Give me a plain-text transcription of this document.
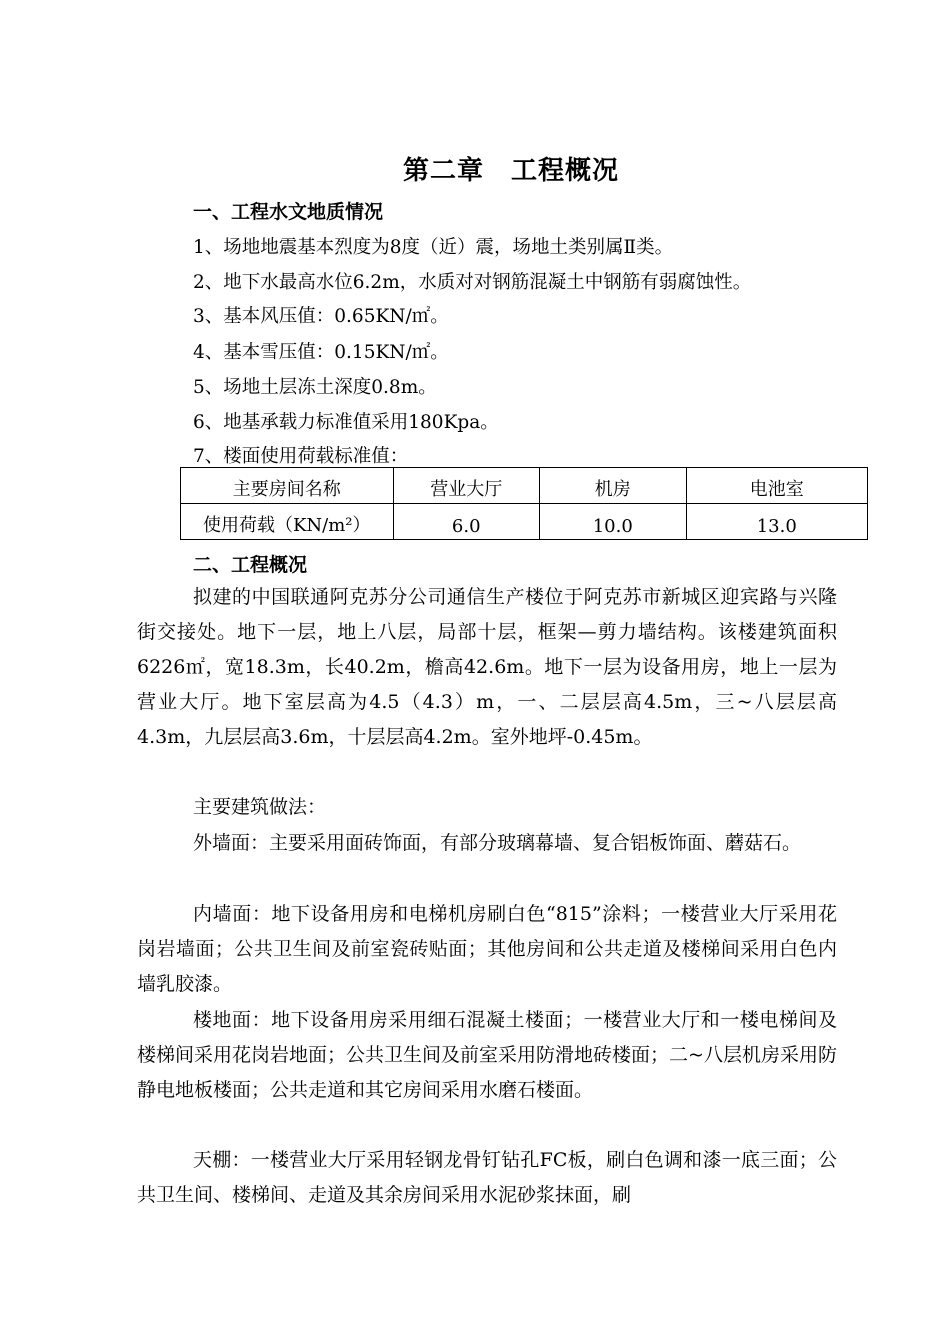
第二章　工程概况
一、工程水文地质情况
1、场地地震基本烈度为8度（近）震，场地土类别属Ⅱ类。
2、地下水最高水位6.2m，水质对对钢筋混凝土中钢筋有弱腐蚀性。
3、基本风压值：0.65KN/㎡。
4、基本雪压值：0.15KN/㎡。
5、场地土层冻土深度0.8m。
6、地基承载力标准值采用180Kpa。
7、楼面使用荷载标准值：
主要房间名称	营业大厅	机房	电池室
使用荷载（KN/m²）	6.0	10.0	13.0
二、工程概况
拟建的中国联通阿克苏分公司通信生产楼位于阿克苏市新城区迎宾路与兴隆街交接处。地下一层，地上八层，局部十层，框架—剪力墙结构。该楼建筑面积6226㎡，宽18.3m，长40.2m，檐高42.6m。地下一层为设备用房，地上一层为营业大厅。地下室层高为4.5（4.3）m，一、二层层高4.5m，三~八层层高4.3m，九层层高3.6m，十层层高4.2m。室外地坪-0.45m。
主要建筑做法：
外墙面：主要采用面砖饰面，有部分玻璃幕墙、复合铝板饰面、蘑菇石。
内墙面：地下设备用房和电梯机房刷白色“815”涂料；一楼营业大厅采用花岗岩墙面；公共卫生间及前室瓷砖贴面；其他房间和公共走道及楼梯间采用白色内墙乳胶漆。
楼地面：地下设备用房采用细石混凝土楼面；一楼营业大厅和一楼电梯间及楼梯间采用花岗岩地面；公共卫生间及前室采用防滑地砖楼面；二~八层机房采用防静电地板楼面；公共走道和其它房间采用水磨石楼面。
天棚：一楼营业大厅采用轻钢龙骨钉钻孔FC板，刷白色调和漆一底三面；公共卫生间、楼梯间、走道及其余房间采用水泥砂浆抹面，刷
